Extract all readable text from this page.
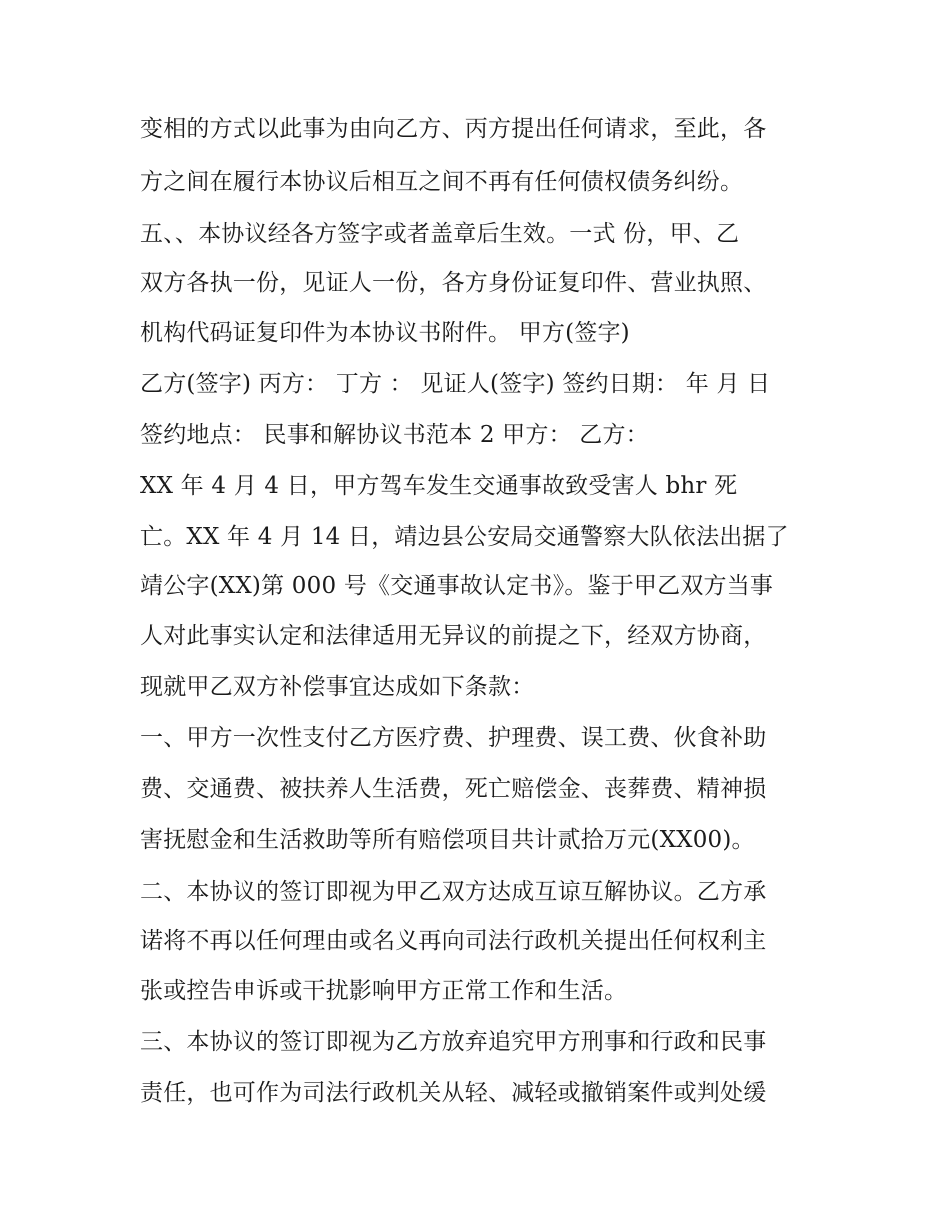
变相的方式以此事为由向乙方、丙方提出任何请求，至此，各
方之间在履行本协议后相互之间不再有任何债权债务纠纷。
五、、本协议经各方签字或者盖章后生效。一式 份，甲、乙
双方各执一份，见证人一份，各方身份证复印件、营业执照、
机构代码证复印件为本协议书附件。 甲方(签字)
乙方(签字) 丙方： 丁方 ： 见证人(签字) 签约日期： 年 月 日
签约地点： 民事和解协议书范本 2 甲方： 乙方：
XX 年 4 月 4 日，甲方驾车发生交通事故致受害人 bhr 死
亡。XX 年 4 月 14 日，靖边县公安局交通警察大队依法出据了
靖公字(XX)第 000 号《交通事故认定书》。鉴于甲乙双方当事
人对此事实认定和法律适用无异议的前提之下，经双方协商，
现就甲乙双方补偿事宜达成如下条款：
一、甲方一次性支付乙方医疗费、护理费、误工费、伙食补助
费、交通费、被扶养人生活费，死亡赔偿金、丧葬费、精神损
害抚慰金和生活救助等所有赔偿项目共计贰拾万元(XX00)。
二、本协议的签订即视为甲乙双方达成互谅互解协议。乙方承
诺将不再以任何理由或名义再向司法行政机关提出任何权利主
张或控告申诉或干扰影响甲方正常工作和生活。
三、本协议的签订即视为乙方放弃追究甲方刑事和行政和民事
责任，也可作为司法行政机关从轻、减轻或撤销案件或判处缓
